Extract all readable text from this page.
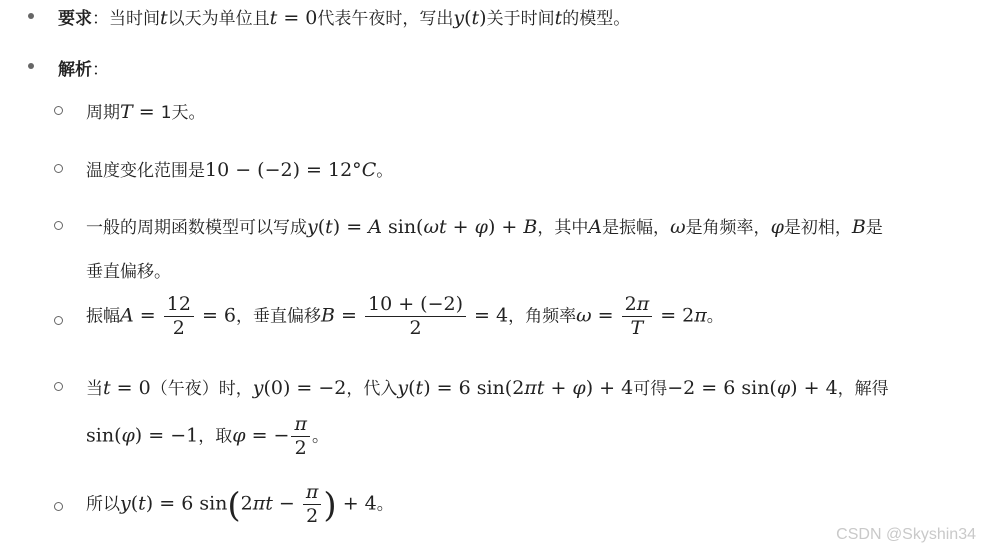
要求：当时间t以天为单位且t = 0代表午夜时，写出y(t)关于时间t的模型。
解析：
周期T = 1天。
温度变化范围是10 − (−2) = 12°C。
一般的周期函数模型可以写成y(t) = A sin(ωt + φ) + B，其中A是振幅，ω是角频率，φ是初相，B是
垂直偏移。
振幅$A = \frac{12}{2} = 6$，垂直偏移$B = \frac{10 + (-2)}{2} = 4$，角频率$\omega = \frac{2\pi}{T} = 2\pi$。
当t = 0（午夜）时，y(0) = −2，代入y(t) = 6 sin(2πt + φ) + 4可得−2 = 6 sin(φ) + 4，解得
sin(φ) = −1，取φ = − $\frac{\pi}{2}$ 。
所以y(t) = 6 $\sin(2\pi t - \frac{\pi}{2}$ ) + 4。
CSDN @Skyshin34
